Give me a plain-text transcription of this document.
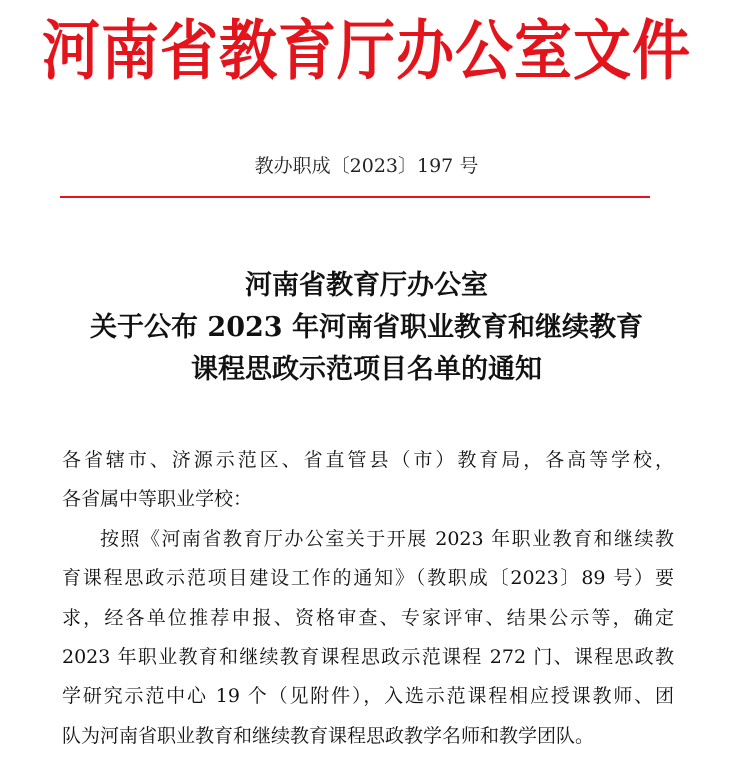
河南省教育厅办公室文件
教办职成〔2023〕197 号
河南省教育厅办公室
关于公布 2023 年河南省职业教育和继续教育
课程思政示范项目名单的通知
各省辖市、济源示范区、省直管县（市）教育局，各高等学校，
各省属中等职业学校：
按照《河南省教育厅办公室关于开展 2023 年职业教育和继续教
育课程思政示范项目建设工作的通知》（教职成〔2023〕89 号）要
求，经各单位推荐申报、资格审查、专家评审、结果公示等，确定
2023 年职业教育和继续教育课程思政示范课程 272 门、课程思政教
学研究示范中心 19 个（见附件），入选示范课程相应授课教师、团
队为河南省职业教育和继续教育课程思政教学名师和教学团队。
